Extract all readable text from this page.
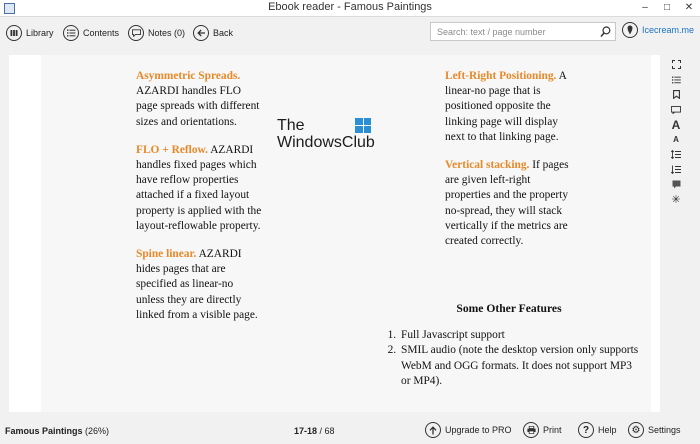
Ebook reader - Famous Paintings	–	□	✕
Library	Contents	Notes (0)	Back
Search: text / page number	Icecream.me

Asymmetric Spreads. AZARDI handles FLO page spreads with different sizes and orientations.

FLO + Reflow. AZARDI handles fixed pages which have reflow properties attached if a fixed layout property is applied with the layout-reflowable property.

Spine linear. AZARDI hides pages that are specified as linear-no unless they are directly linked from a visible page.

Left-Right Positioning. A linear-no page that is positioned opposite the linking page will display next to that linking page.

Vertical stacking. If pages are given left-right properties and the property no-spread, they will stack vertically if the metrics are created correctly.

Some Other Features
1. Full Javascript support
2. SMIL audio (note the desktop version only supports WebM and OGG formats. It does not support MP3 or MP4).
The
WindowsClub
A
A
✳
Famous Paintings (26%)	17-18 / 68	Upgrade to PRO	Print	? Help	⚙ Settings
